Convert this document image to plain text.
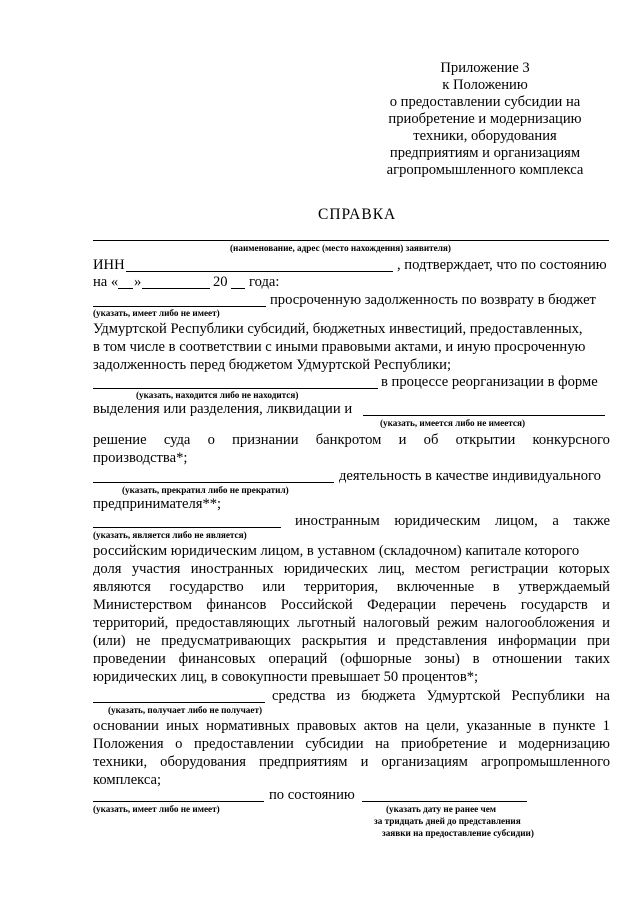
Приложение 3
к Положению
о предоставлении субсидии на
приобретение и модернизацию
техники, оборудования
предприятиям и организациям
агропромышленного комплекса
СПРАВКА
(наименование, адрес (место нахождения) заявителя)
ИНН	, подтверждает, что по состоянию
на « »	20 года:
просроченную задолженность по возврату в бюджет
(указать, имеет либо не имеет)
Удмуртской Республики субсидий, бюджетных инвестиций, предоставленных,
в том числе в соответствии с иными правовыми актами, и иную просроченную
задолженность перед бюджетом Удмуртской Республики;
в процессе реорганизации в форме
(указать, находится либо не находится)
выделения или разделения, ликвидации и
(указать, имеется либо не имеется)
решение суда о признании банкротом и об открытии конкурсного
производства*;
деятельность в качестве индивидуального
(указать, прекратил либо не прекратил)
предпринимателя**;
иностранным юридическим лицом, а также
(указать, является либо не является)
российским юридическим лицом, в уставном (складочном) капитале которого
доля участия иностранных юридических лиц, местом регистрации которых
являются государство или территория, включенные в утверждаемый
Министерством финансов Российской Федерации перечень государств и
территорий, предоставляющих льготный налоговый режим налогообложения и
(или) не предусматривающих раскрытия и представления информации при
проведении финансовых операций (офшорные зоны) в отношении таких
юридических лиц, в совокупности превышает 50 процентов*;
средства из бюджета Удмуртской Республики на
(указать, получает либо не получает)
основании иных нормативных правовых актов на цели, указанные в пункте 1
Положения о предоставлении субсидии на приобретение и модернизацию
техники, оборудования предприятиям и организациям агропромышленного
комплекса;
по состоянию
(указать, имеет либо не имеет)	(указать дату не ранее чем
за тридцать дней до представления
заявки на предоставление субсидии)
